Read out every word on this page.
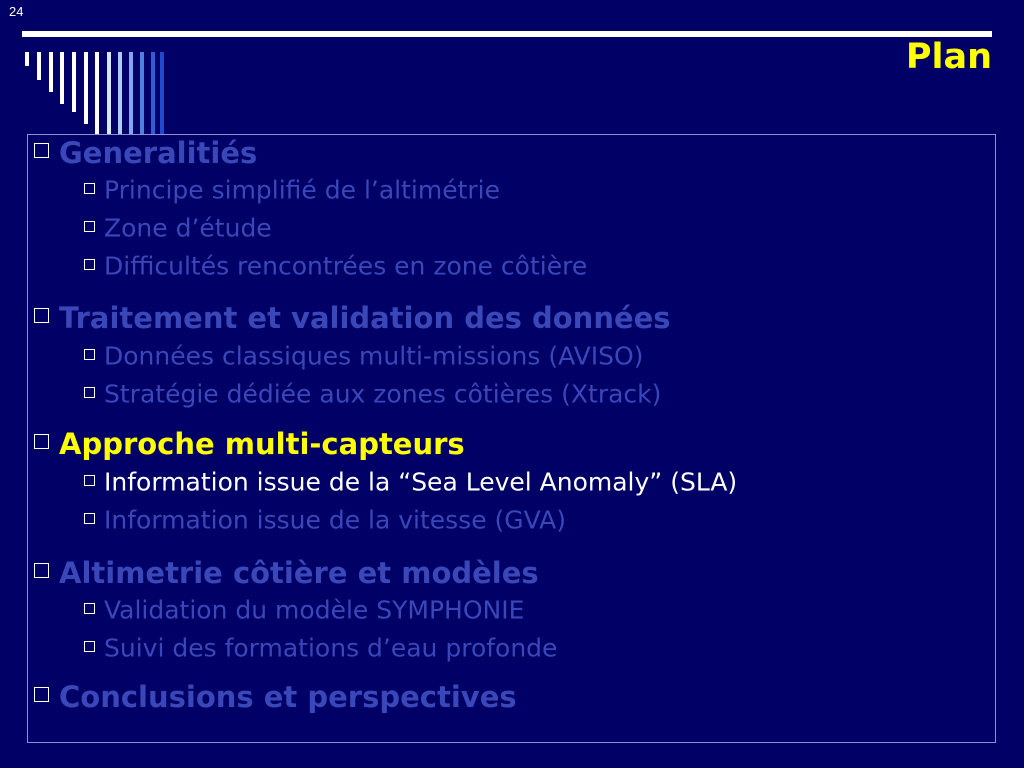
24
Plan
Generalitiés
Principe simplifié de l’altimétrie
Zone d’étude
Difficultés rencontrées en zone côtière
Traitement et validation des données
Données classiques multi-missions (AVISO)
Stratégie dédiée aux zones côtières (Xtrack)
Approche multi-capteurs
Information issue de la “Sea Level Anomaly” (SLA)
Information issue de la vitesse (GVA)
Altimetrie côtière et modèles
Validation du modèle SYMPHONIE
Suivi des formations d’eau profonde
Conclusions et perspectives
